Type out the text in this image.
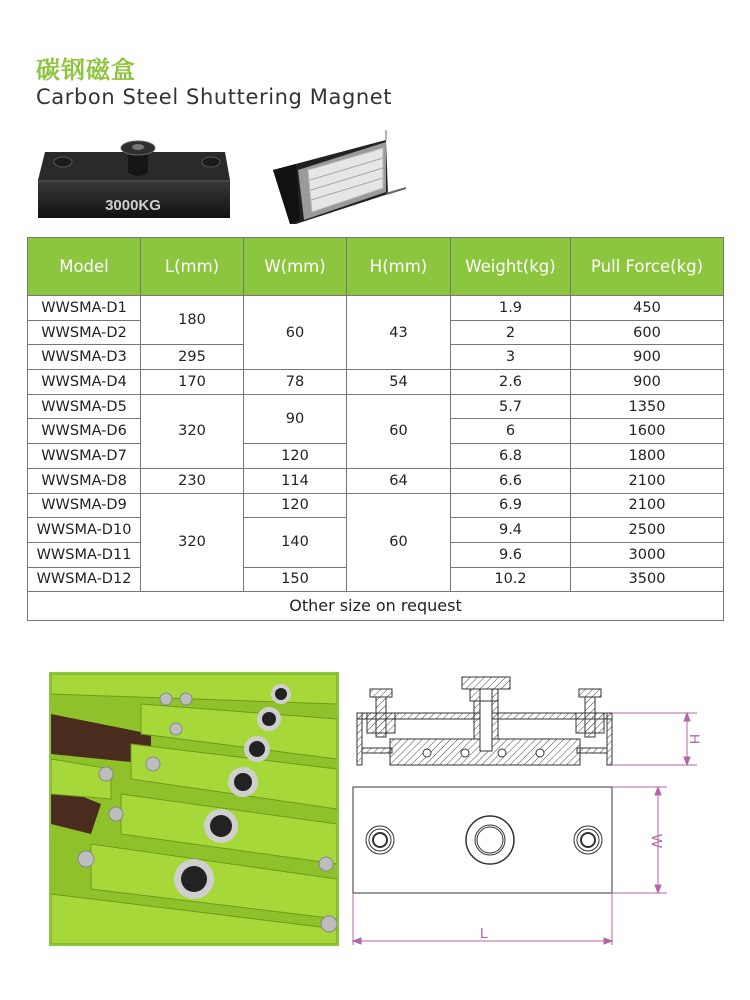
碳钢磁盒
Carbon Steel Shuttering Magnet
3000KG
Model	L(mm)	W(mm)	H(mm)	Weight(kg)	Pull Force(kg)
WWSMA-D1	180	60	43	1.9	450
WWSMA-D2				2	600
WWSMA-D3	295			3	900
WWSMA-D4	170	78	54	2.6	900
WWSMA-D5	320	90	60	5.7	1350
WWSMA-D6				6	1600
WWSMA-D7		120		6.8	1800
WWSMA-D8	230	114	64	6.6	2100
WWSMA-D9	320	120	60	6.9	2100
WWSMA-D10		140		9.4	2500
WWSMA-D11				9.6	3000
WWSMA-D12		150		10.2	3500
Other size on request					
H
W
L
